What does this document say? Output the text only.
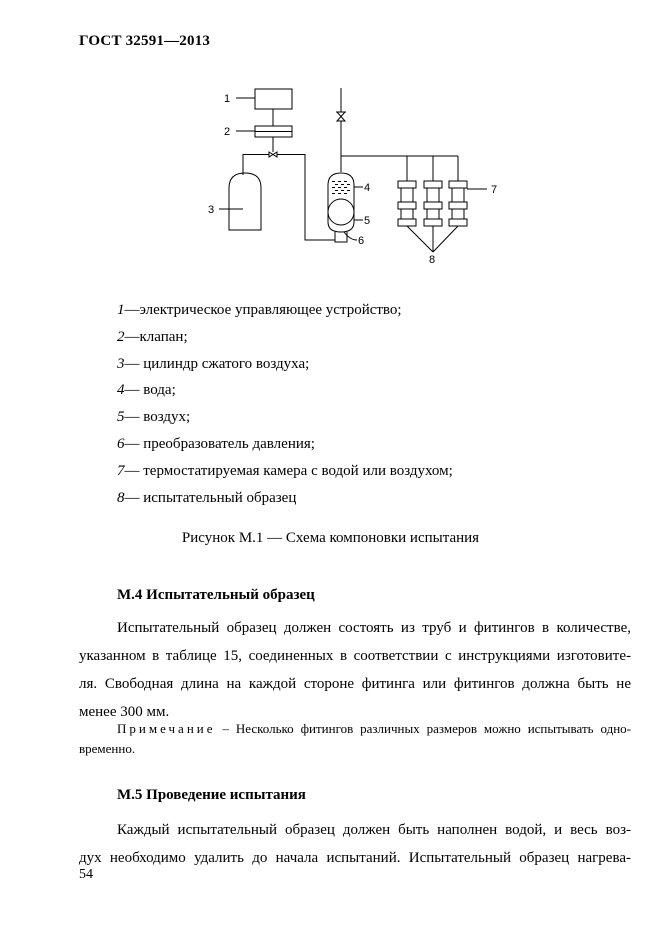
ГОСТ 32591—2013
1
2
3
4
5
6
7
8
1—электрическое управляющее устройство;
2—клапан;
3— цилиндр сжатого воздуха;
4— вода;
5— воздух;
6— преобразователь давления;
7— термостатируемая камера с водой или воздухом;
8— испытательный образец
Рисунок М.1 — Схема компоновки испытания
М.4 Испытательный образец
Испытательный образец должен состоять из труб и фитингов в количестве,
указанном в таблице 15, соединенных в соответствии с инструкциями изготовите-
ля. Свободная длина на каждой стороне фитинга или фитингов должна быть не
менее 300 мм.
Примечание – Несколько фитингов различных размеров можно испытывать одно-
временно.
М.5 Проведение испытания
Каждый испытательный образец должен быть наполнен водой, и весь воз-
дух необходимо удалить до начала испытаний. Испытательный образец нагрева-
54
